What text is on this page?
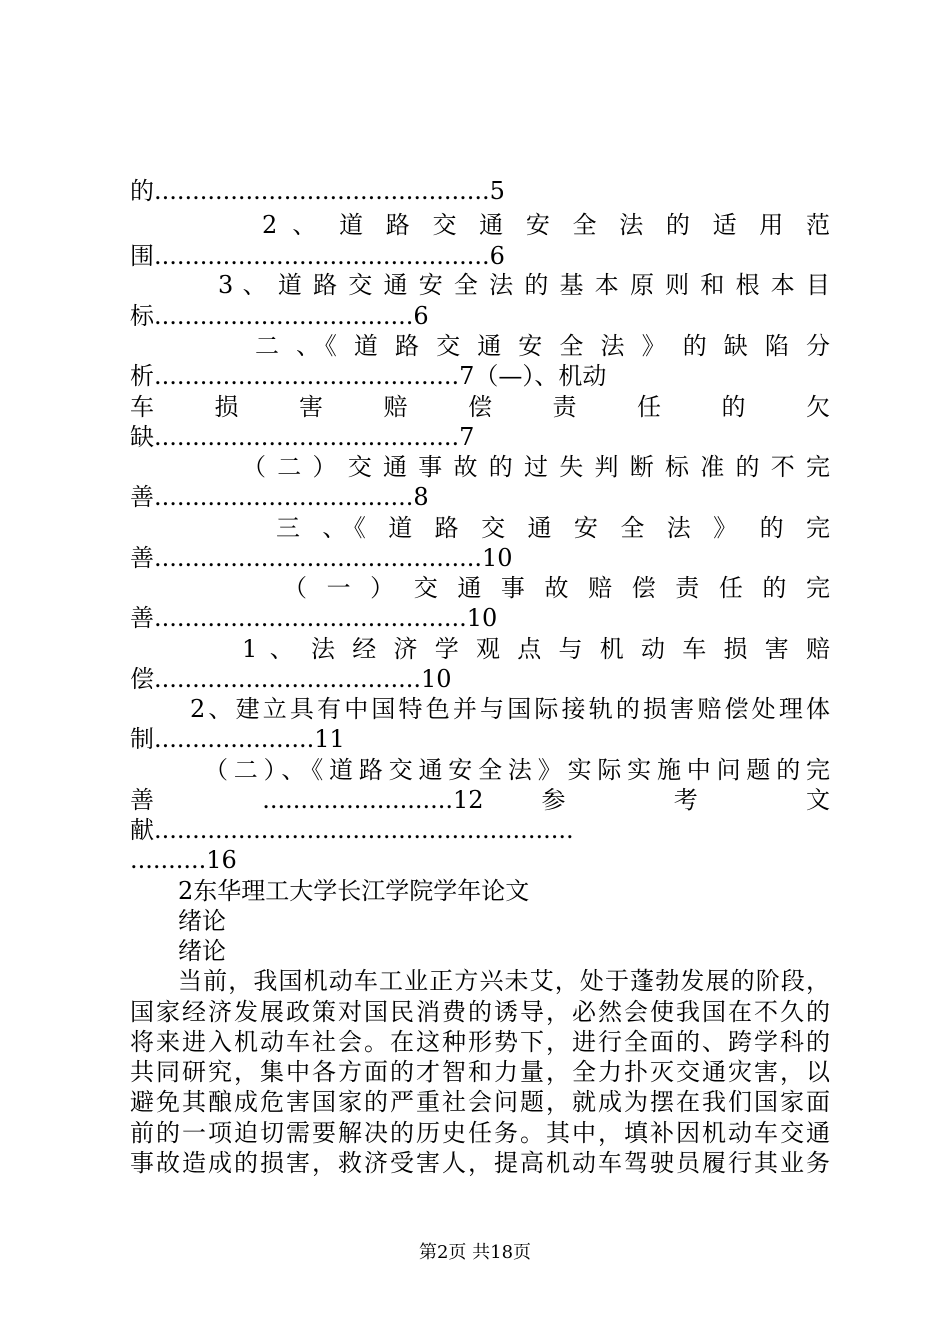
的............................................5
2 、 道 路 交 通 安 全 法 的 适 用 范
围............................................6
3 、 道 路 交 通 安 全 法 的 基 本 原 则 和 根 本 目
标..................................6
二 、《 道 路 交 通 安 全 法 》 的 缺 陷 分
析........................................7（—）、机动
车 损 害 赔 偿 责 任 的 欠
缺........................................7
（ 二 ） 交 通 事 故 的 过 失 判 断 标 准 的 不 完
善..................................8
三 、《 道 路 交 通 安 全 法 》 的 完
善...........................................10
（ 一 ） 交 通 事 故 赔 偿 责 任 的 完
善.........................................10
1 、 法 经 济 学 观 点 与 机 动 车 损 害 赔
偿...................................10
2、建立具有中国特色并与国际接轨的损害赔偿处理体
制.....................11
（二）、《道路交通安全法》实际实施中问题的完
善 .........................12 参 考 文
献.......................................................
..........16
2东华理工大学长江学院学年论文
绪论
绪论
当前，我国机动车工业正方兴未艾，处于蓬勃发展的阶段，
国家经济发展政策对国民消费的诱导，必然会使我国在不久的
将来进入机动车社会。在这种形势下，进行全面的、跨学科的
共同研究，集中各方面的才智和力量，全力扑灭交通灾害，以
避免其酿成危害国家的严重社会问题，就成为摆在我们国家面
前的一项迫切需要解决的历史任务。其中，填补因机动车交通
事故造成的损害，救济受害人，提高机动车驾驶员履行其业务
第2页 共18页
